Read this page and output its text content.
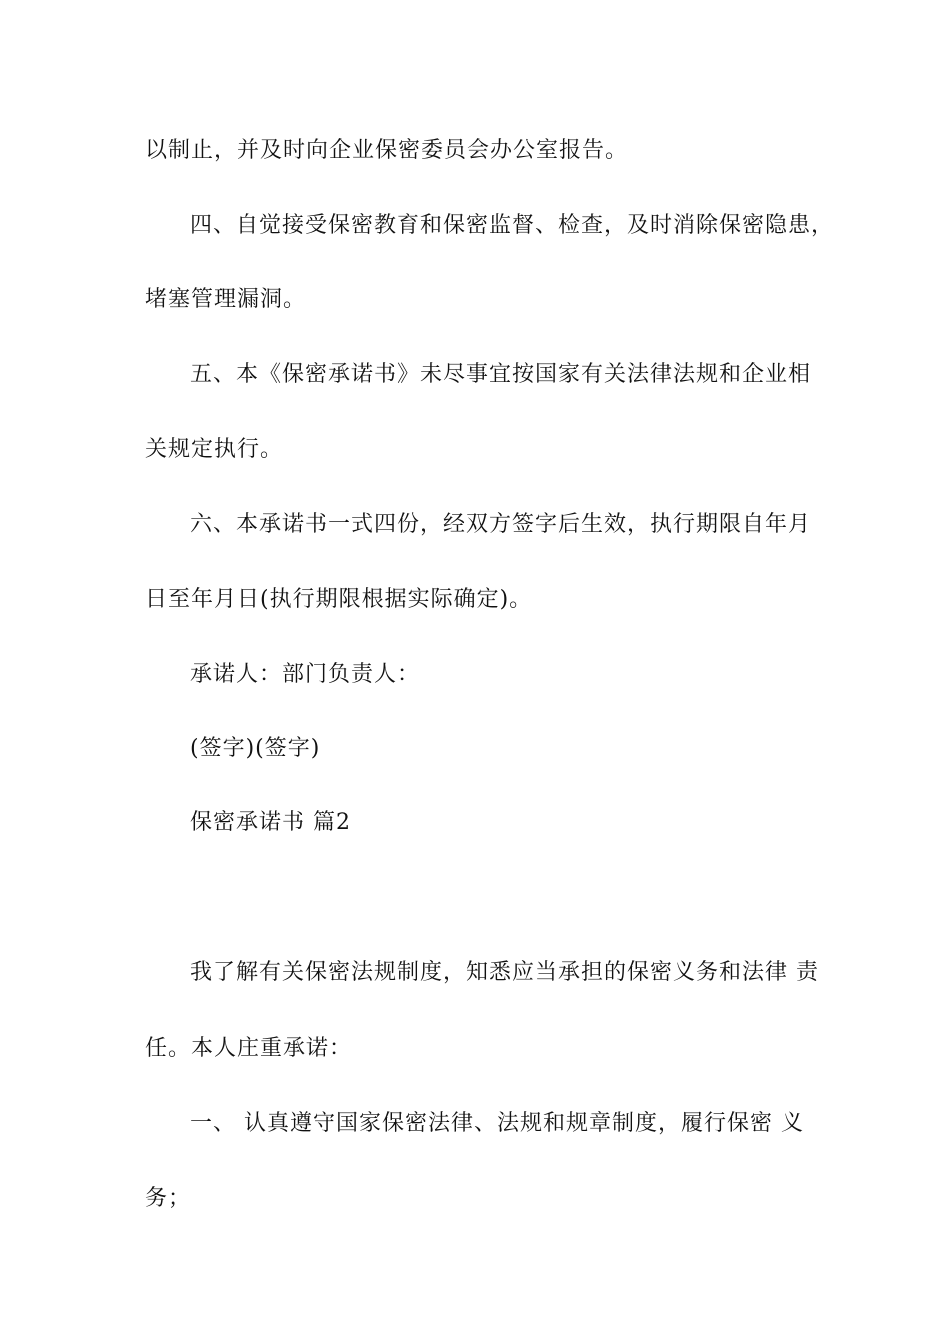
以制止，并及时向企业保密委员会办公室报告。
四、自觉接受保密教育和保密监督、检查，及时消除保密隐患，
堵塞管理漏洞。
五、本《保密承诺书》未尽事宜按国家有关法律法规和企业相
关规定执行。
六、本承诺书一式四份，经双方签字后生效，执行期限自年月
日至年月日(执行期限根据实际确定)。
承诺人：部门负责人：
(签字)(签字)
保密承诺书 篇2
我了解有关保密法规制度，知悉应当承担的保密义务和法律 责
任。本人庄重承诺：
一、 认真遵守国家保密法律、法规和规章制度，履行保密 义
务；
